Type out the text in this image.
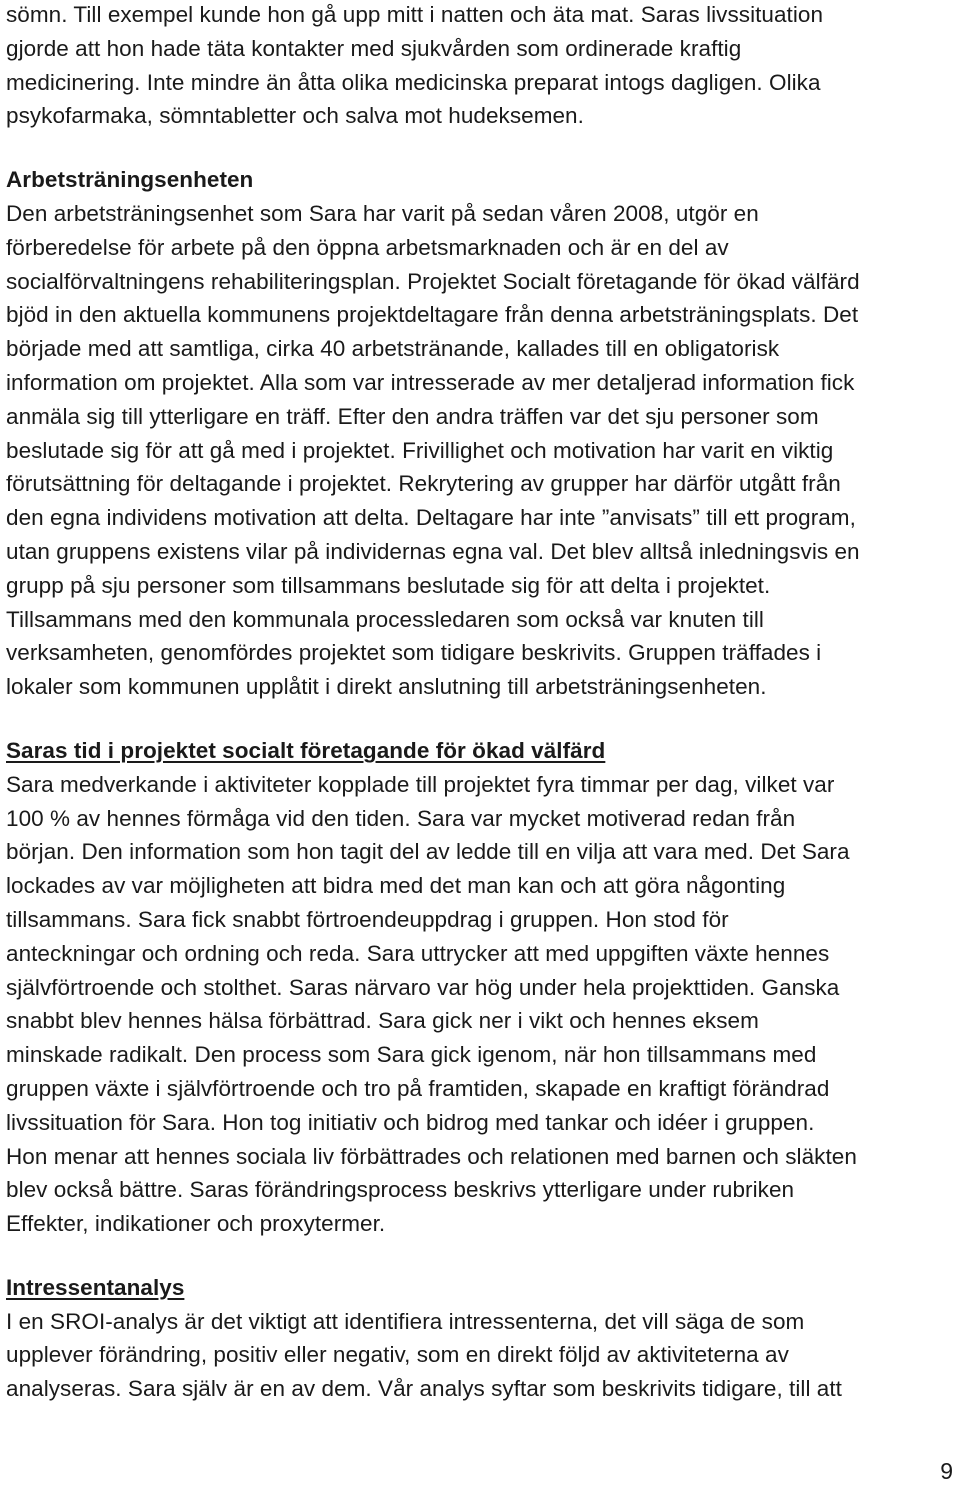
sömn. Till exempel kunde hon gå upp mitt i natten och äta mat. Saras livssituation
gjorde att hon hade täta kontakter med sjukvården som ordinerade kraftig
medicinering. Inte mindre än åtta olika medicinska preparat intogs dagligen. Olika
psykofarmaka, sömntabletter och salva mot hudeksemen.
Arbetsträningsenheten
Den arbetsträningsenhet som Sara har varit på sedan våren 2008, utgör en
förberedelse för arbete på den öppna arbetsmarknaden och är en del av
socialförvaltningens rehabiliteringsplan. Projektet Socialt företagande för ökad välfärd
bjöd in den aktuella kommunens projektdeltagare från denna arbetsträningsplats. Det
började med att samtliga, cirka 40 arbetstränande, kallades till en obligatorisk
information om projektet. Alla som var intresserade av mer detaljerad information fick
anmäla sig till ytterligare en träff. Efter den andra träffen var det sju personer som
beslutade sig för att gå med i projektet. Frivillighet och motivation har varit en viktig
förutsättning för deltagande i projektet. Rekrytering av grupper har därför utgått från
den egna individens motivation att delta. Deltagare har inte ”anvisats” till ett program,
utan gruppens existens vilar på individernas egna val. Det blev alltså inledningsvis en
grupp på sju personer som tillsammans beslutade sig för att delta i projektet.
Tillsammans med den kommunala processledaren som också var knuten till
verksamheten, genomfördes projektet som tidigare beskrivits. Gruppen träffades i
lokaler som kommunen upplåtit i direkt anslutning till arbetsträningsenheten.
Saras tid i projektet socialt företagande för ökad välfärd
Sara medverkande i aktiviteter kopplade till projektet fyra timmar per dag, vilket var
100 % av hennes förmåga vid den tiden. Sara var mycket motiverad redan från
början. Den information som hon tagit del av ledde till en vilja att vara med. Det Sara
lockades av var möjligheten att bidra med det man kan och att göra någonting
tillsammans. Sara fick snabbt förtroendeuppdrag i gruppen. Hon stod för
anteckningar och ordning och reda. Sara uttrycker att med uppgiften växte hennes
självförtroende och stolthet. Saras närvaro var hög under hela projekttiden. Ganska
snabbt blev hennes hälsa förbättrad. Sara gick ner i vikt och hennes eksem
minskade radikalt. Den process som Sara gick igenom, när hon tillsammans med
gruppen växte i självförtroende och tro på framtiden, skapade en kraftigt förändrad
livssituation för Sara. Hon tog initiativ och bidrog med tankar och idéer i gruppen.
Hon menar att hennes sociala liv förbättrades och relationen med barnen och släkten
blev också bättre. Saras förändringsprocess beskrivs ytterligare under rubriken
Effekter, indikationer och proxytermer.
Intressentanalys
I en SROI-analys är det viktigt att identifiera intressenterna, det vill säga de som
upplever förändring, positiv eller negativ, som en direkt följd av aktiviteterna av
analyseras. Sara själv är en av dem. Vår analys syftar som beskrivits tidigare, till att
9
